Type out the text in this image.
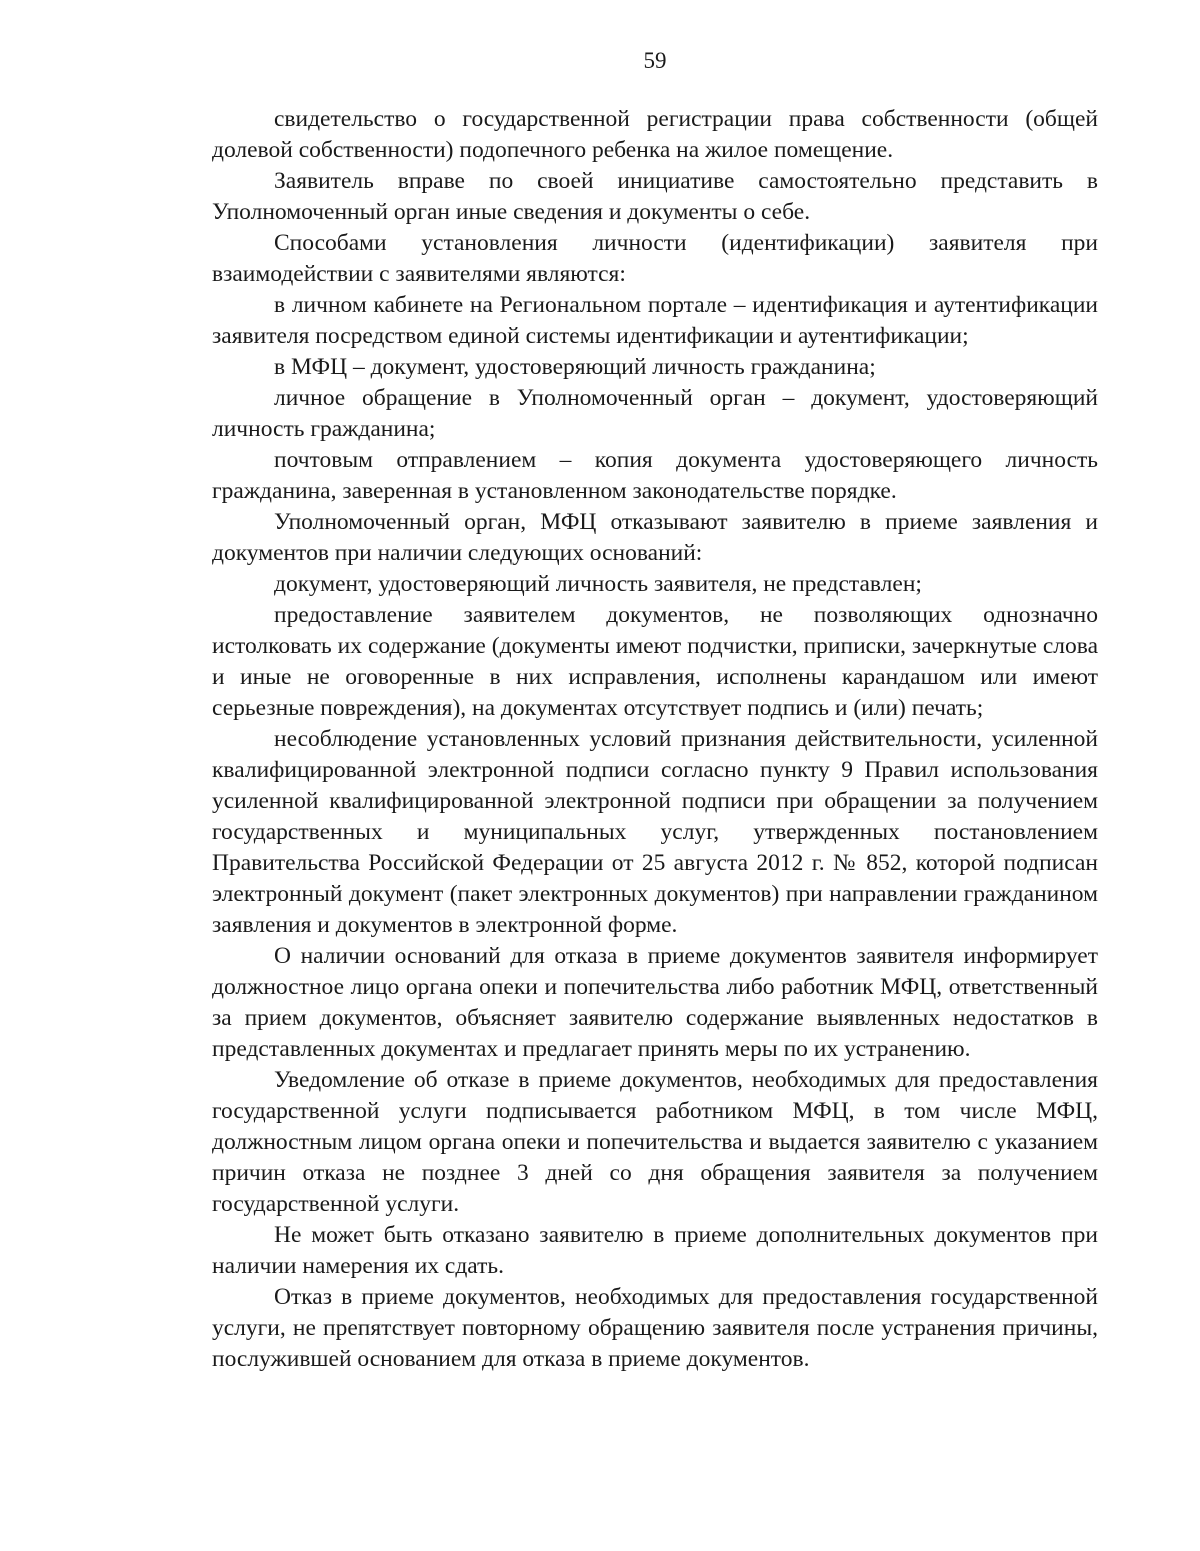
59

свидетельство о государственной регистрации права собственности (общей долевой собственности) подопечного ребенка на жилое помещение.

Заявитель вправе по своей инициативе самостоятельно представить в Уполномоченный орган иные сведения и документы о себе.

Способами установления личности (идентификации) заявителя при взаимодействии с заявителями являются:

в личном кабинете на Региональном портале – идентификация и аутентификации заявителя посредством единой системы идентификации и аутентификации;

в МФЦ – документ, удостоверяющий личность гражданина;

личное обращение в Уполномоченный орган – документ, удостоверяющий личность гражданина;

почтовым отправлением – копия документа удостоверяющего личность гражданина, заверенная в установленном законодательстве порядке.

Уполномоченный орган, МФЦ отказывают заявителю в приеме заявления и документов при наличии следующих оснований:

документ, удостоверяющий личность заявителя, не представлен;

предоставление заявителем документов, не позволяющих однозначно истолковать их содержание (документы имеют подчистки, приписки, зачеркнутые слова и иные не оговоренные в них исправления, исполнены карандашом или имеют серьезные повреждения), на документах отсутствует подпись и (или) печать;

несоблюдение установленных условий признания действительности, усиленной квалифицированной электронной подписи согласно пункту 9 Правил использования усиленной квалифицированной электронной подписи при обращении за получением государственных и муниципальных услуг, утвержденных постановлением Правительства Российской Федерации от 25 августа 2012 г. № 852, которой подписан электронный документ (пакет электронных документов) при направлении гражданином заявления и документов в электронной форме.

О наличии оснований для отказа в приеме документов заявителя информирует должностное лицо органа опеки и попечительства либо работник МФЦ, ответственный за прием документов, объясняет заявителю содержание выявленных недостатков в представленных документах и предлагает принять меры по их устранению.

Уведомление об отказе в приеме документов, необходимых для предоставления государственной услуги подписывается работником МФЦ, в том числе МФЦ, должностным лицом органа опеки и попечительства и выдается заявителю с указанием причин отказа не позднее 3 дней со дня обращения заявителя за получением государственной услуги.

Не может быть отказано заявителю в приеме дополнительных документов при наличии намерения их сдать.

Отказ в приеме документов, необходимых для предоставления государственной услуги, не препятствует повторному обращению заявителя после устранения причины, послужившей основанием для отказа в приеме документов.
